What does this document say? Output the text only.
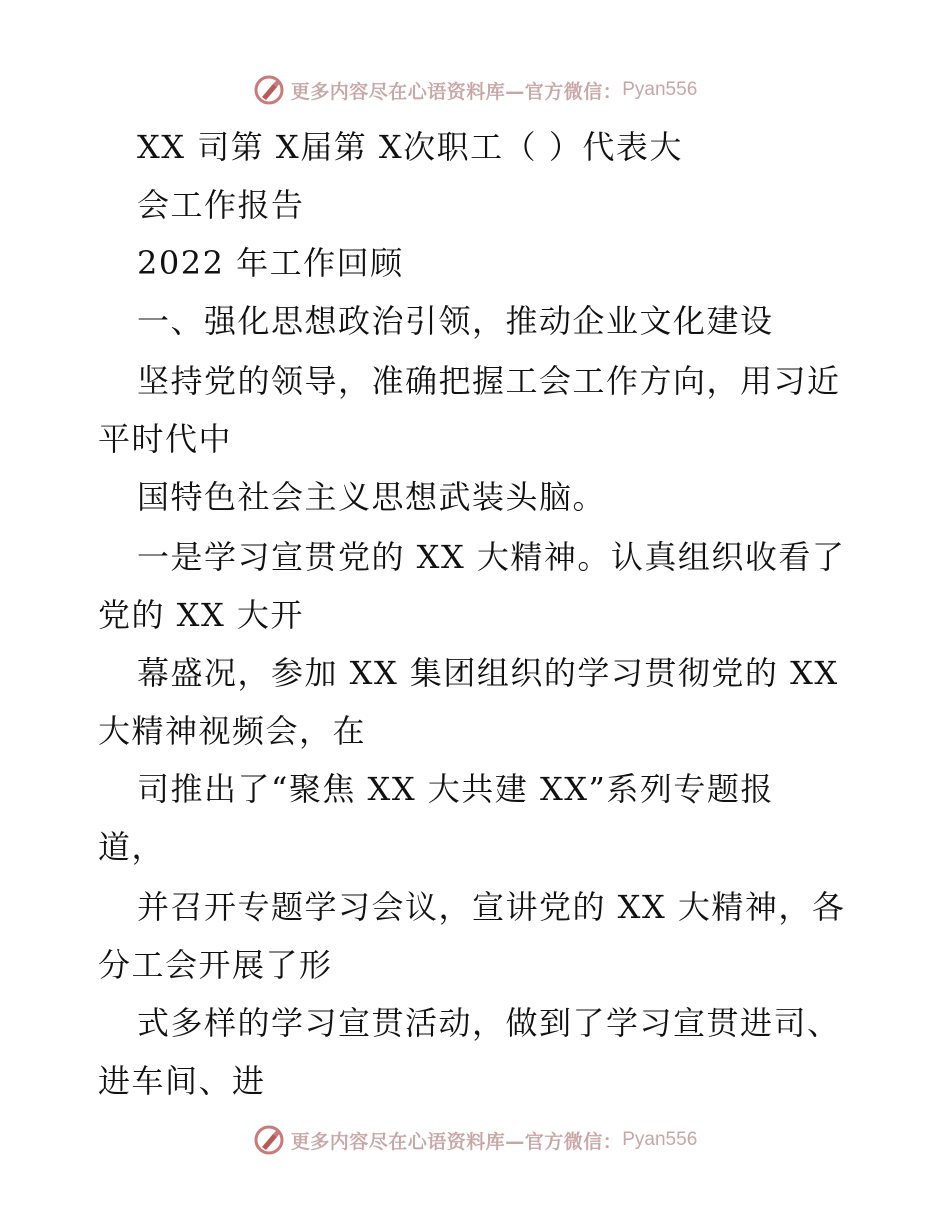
更多内容尽在心语资料库—官方微信： Pyan556
XX 司第 X届第 X次职工（ ）代表大
会工作报告
2022 年工作回顾
一、强化思想政治引领，推动企业文化建设
坚持党的领导，准确把握工会工作方向，用习近
平时代中
国特色社会主义思想武装头脑。
一是学习宣贯党的 XX 大精神。认真组织收看了
党的 XX 大开
幕盛况，参加 XX 集团组织的学习贯彻党的 XX
大精神视频会，在
司推出了“聚焦 XX 大共建 XX”系列专题报
道，
并召开专题学习会议，宣讲党的 XX 大精神，各
分工会开展了形
式多样的学习宣贯活动，做到了学习宣贯进司、
进车间、进
更多内容尽在心语资料库—官方微信： Pyan556
